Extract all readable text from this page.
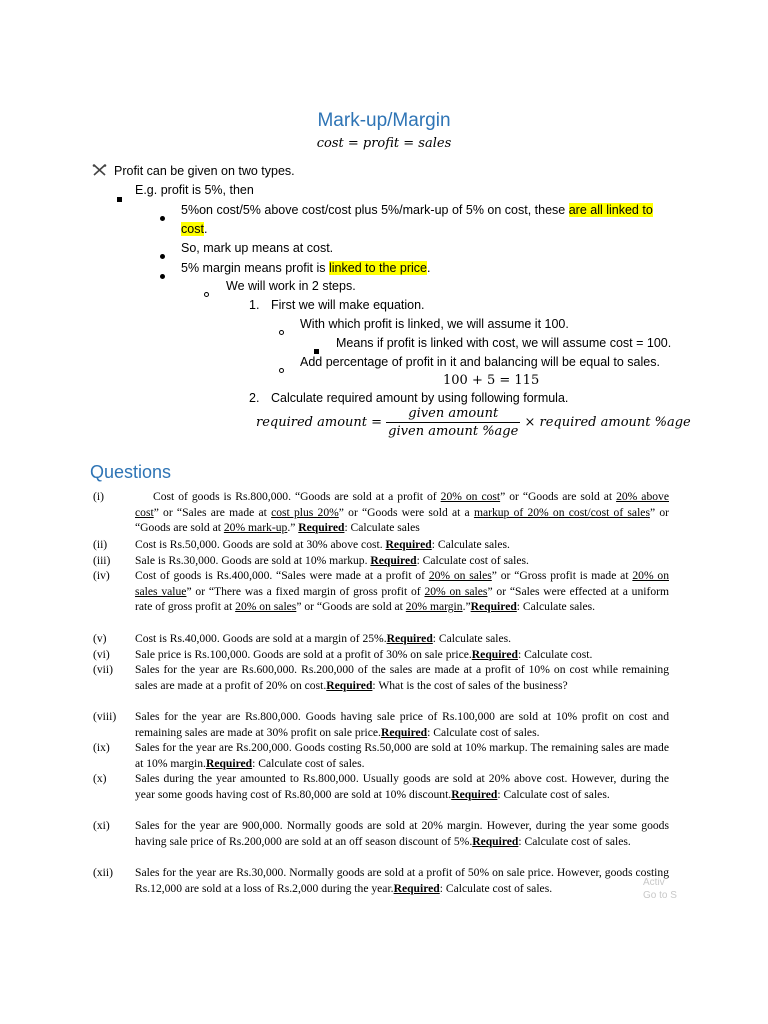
Mark-up/Margin
cost = profit = sales
Profit can be given on two types.
E.g. profit is 5%, then
5%on cost/5% above cost/cost plus 5%/mark-up of 5% on cost, these are all linked to
cost.
So, mark up means at cost.
5% margin means profit is linked to the price.
We will work in 2 steps.
1. First we will make equation.
With which profit is linked, we will assume it 100.
Means if profit is linked with cost, we will assume cost = 100.
Add percentage of profit in it and balancing will be equal to sales.
100 + 5 = 115
2. Calculate required amount by using following formula.
required amount = $\frac{\text{given amount}}{\text{given amount \%age}}$ × required amount %age
Questions
(i)	Cost of goods is Rs.800,000. “Goods are sold at a profit of 20% on cost” or “Goods are sold at 20% above cost” or “Sales are made at cost plus 20%” or “Goods were sold at a markup of 20% on cost/cost of sales” or “Goods are sold at 20% mark-up.” Required: Calculate sales
(ii) Cost is Rs.50,000. Goods are sold at 30% above cost. Required: Calculate sales.
(iii) Sale is Rs.30,000. Goods are sold at 10% markup. Required: Calculate cost of sales.
(iv) Cost of goods is Rs.400,000. “Sales were made at a profit of 20% on sales” or “Gross profit is made at 20% on sales value” or “There was a fixed margin of gross profit of 20% on sales” or “Sales were effected at a uniform rate of gross profit at 20% on sales” or “Goods are sold at 20% margin.”Required: Calculate sales.
(v) Cost is Rs.40,000. Goods are sold at a margin of 25%.Required: Calculate sales.
(vi) Sale price is Rs.100,000. Goods are sold at a profit of 30% on sale price.Required: Calculate cost.
(vii) Sales for the year are Rs.600,000. Rs.200,000 of the sales are made at a profit of 10% on cost while remaining sales are made at a profit of 20% on cost.Required: What is the cost of sales of the business?
(viii) Sales for the year are Rs.800,000. Goods having sale price of Rs.100,000 are sold at 10% profit on cost and remaining sales are made at 30% profit on sale price.Required: Calculate cost of sales.
(ix) Sales for the year are Rs.200,000. Goods costing Rs.50,000 are sold at 10% markup. The remaining sales are made at 10% margin.Required: Calculate cost of sales.
(x) Sales during the year amounted to Rs.800,000. Usually goods are sold at 20% above cost. However, during the year some goods having cost of Rs.80,000 are sold at 10% discount.Required: Calculate cost of sales.
(xi) Sales for the year are 900,000. Normally goods are sold at 20% margin. However, during the year some goods having sale price of Rs.200,000 are sold at an off season discount of 5%.Required: Calculate cost of sales.
(xii) Sales for the year are Rs.30,000. Normally goods are sold at a profit of 50% on sale price. However, goods costing Rs.12,000 are sold at a loss of Rs.2,000 during the year.Required: Calculate cost of sales.	Activ
Go to S
